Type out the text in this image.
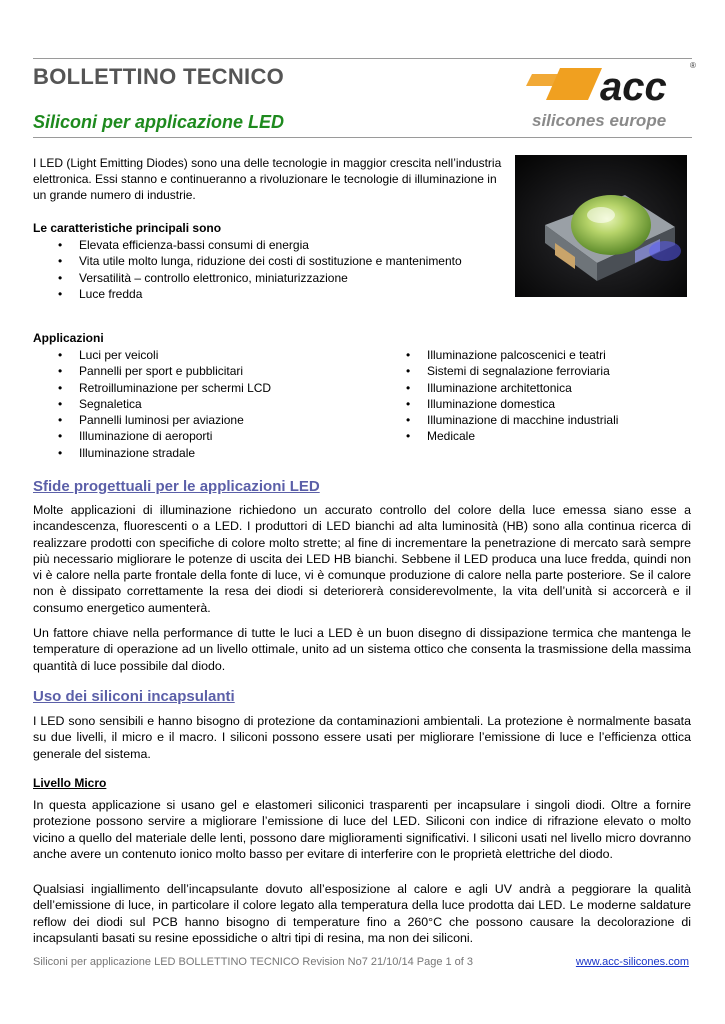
BOLLETTINO TECNICO
Siliconi per applicazione LED
acc	®
silicones europe

I LED (Light Emitting Diodes) sono una delle tecnologie in maggior crescita nell’industria elettronica. Essi stanno e continueranno a rivoluzionare le tecnologie di illuminazione in un grande numero di industrie.

Le caratteristiche principali sono

• Elevata efficienza-bassi consumi di energia
• Vita utile molto lunga, riduzione dei costi di sostituzione e mantenimento
• Versatilità – controllo elettronico, miniaturizzazione
• Luce fredda
Applicazioni
• Luci per veicoli
• Pannelli per sport e pubblicitari
• Retroilluminazione per schermi LCD
• Segnaletica
• Pannelli luminosi per aviazione
• Illuminazione di aeroporti
• Illuminazione stradale
• Illuminazione palcoscenici e teatri
• Sistemi di segnalazione ferroviaria
• Illuminazione architettonica
• Illuminazione domestica
• Illuminazione di macchine industriali
• Medicale
Sfide progettuali per le applicazioni LED

Molte applicazioni di illuminazione richiedono un accurato controllo del colore della luce emessa siano esse a incandescenza, fluorescenti o a LED. I produttori di LED bianchi ad alta luminosità (HB) sono alla continua ricerca di realizzare prodotti con specifiche di colore molto strette; al fine di incrementare la penetrazione di mercato sarà sempre più necessario migliorare le potenze di uscita dei LED HB bianchi. Sebbene il LED produca una luce fredda, quindi non vi è calore nella parte frontale della fonte di luce, vi è comunque produzione di calore nella parte posteriore. Se il calore non è dissipato correttamente la resa dei diodi si deteriorerà considerevolmente, la vita dell’unità si accorcerà e il consumo energetico aumenterà.

Un fattore chiave nella performance di tutte le luci a LED è un buon disegno di dissipazione termica che mantenga le temperature di operazione ad un livello ottimale, unito ad un sistema ottico che consenta la trasmissione della massima quantità di luce possibile dal diodo.

Uso dei siliconi incapsulanti

I LED sono sensibili e hanno bisogno di protezione da contaminazioni ambientali. La protezione è normalmente basata su due livelli, il micro e il macro. I siliconi possono essere usati per migliorare l’emissione di luce e l’efficienza ottica generale del sistema.

Livello Micro

In questa applicazione si usano gel e elastomeri siliconici trasparenti per incapsulare i singoli diodi. Oltre a fornire protezione possono servire a migliorare l’emissione di luce del LED. Siliconi con indice di rifrazione elevato o molto vicino a quello del materiale delle lenti, possono dare miglioramenti significativi. I siliconi usati nel livello micro dovranno anche avere un contenuto ionico molto basso per evitare di interferire con le proprietà elettriche del diodo.

Qualsiasi ingiallimento dell’incapsulante dovuto all’esposizione al calore e agli UV andrà a peggiorare la qualità dell’emissione di luce, in particolare il colore legato alla temperatura della luce prodotta dai LED. Le moderne saldature reflow dei diodi sul PCB hanno bisogno di temperature fino a 260°C che possono causare la decolorazione di incapsulanti basati su resine epossidiche o altri tipi di resina, ma non dei siliconi.

Siliconi per applicazione LED BOLLETTINO TECNICO Revision No7 21/10/14 Page 1 of 3	www.acc-silicones.com
